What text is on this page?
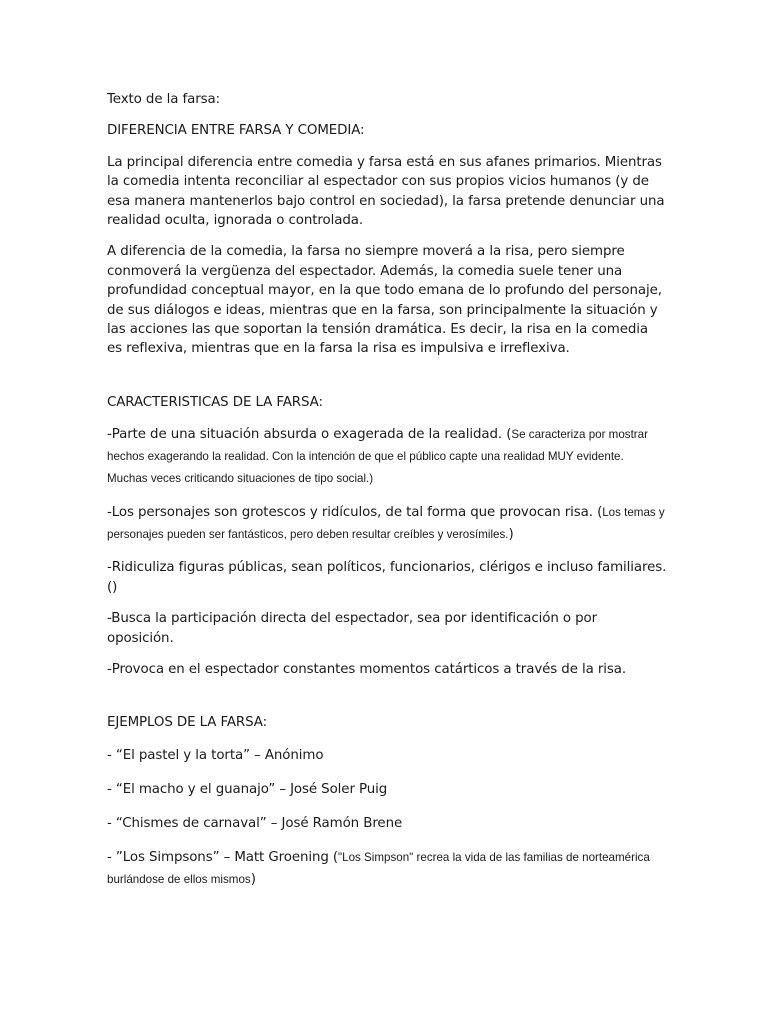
Texto de la farsa:

DIFERENCIA ENTRE FARSA Y COMEDIA:

La principal diferencia entre comedia y farsa está en sus afanes primarios. Mientras la comedia intenta reconciliar al espectador con sus propios vicios humanos (y de esa manera mantenerlos bajo control en sociedad), la farsa pretende denunciar una realidad oculta, ignorada o controlada.

A diferencia de la comedia, la farsa no siempre moverá a la risa, pero siempre conmoverá la vergüenza del espectador. Además, la comedia suele tener una profundidad conceptual mayor, en la que todo emana de lo profundo del personaje, de sus diálogos e ideas, mientras que en la farsa, son principalmente la situación y las acciones las que soportan la tensión dramática. Es decir, la risa en la comedia es reflexiva, mientras que en la farsa la risa es impulsiva e irreflexiva.

CARACTERISTICAS DE LA FARSA:

-Parte de una situación absurda o exagerada de la realidad. (Se caracteriza por mostrar hechos exagerando la realidad. Con la intención de que el público capte una realidad MUY evidente. Muchas veces criticando situaciones de tipo social.)

-Los personajes son grotescos y ridículos, de tal forma que provocan risa. (Los temas y personajes pueden ser fantásticos, pero deben resultar creíbles y verosímiles.)

-Ridiculiza figuras públicas, sean políticos, funcionarios, clérigos e incluso familiares. ()

-Busca la participación directa del espectador, sea por identificación o por oposición.

-Provoca en el espectador constantes momentos catárticos a través de la risa.

EJEMPLOS DE LA FARSA:

- “El pastel y la torta” – Anónimo

- “El macho y el guanajo” – José Soler Puig

- “Chismes de carnaval” – José Ramón Brene

- ”Los Simpsons” – Matt Groening ("Los Simpson" recrea la vida de las familias de norteamérica burlándose de ellos mismos)
